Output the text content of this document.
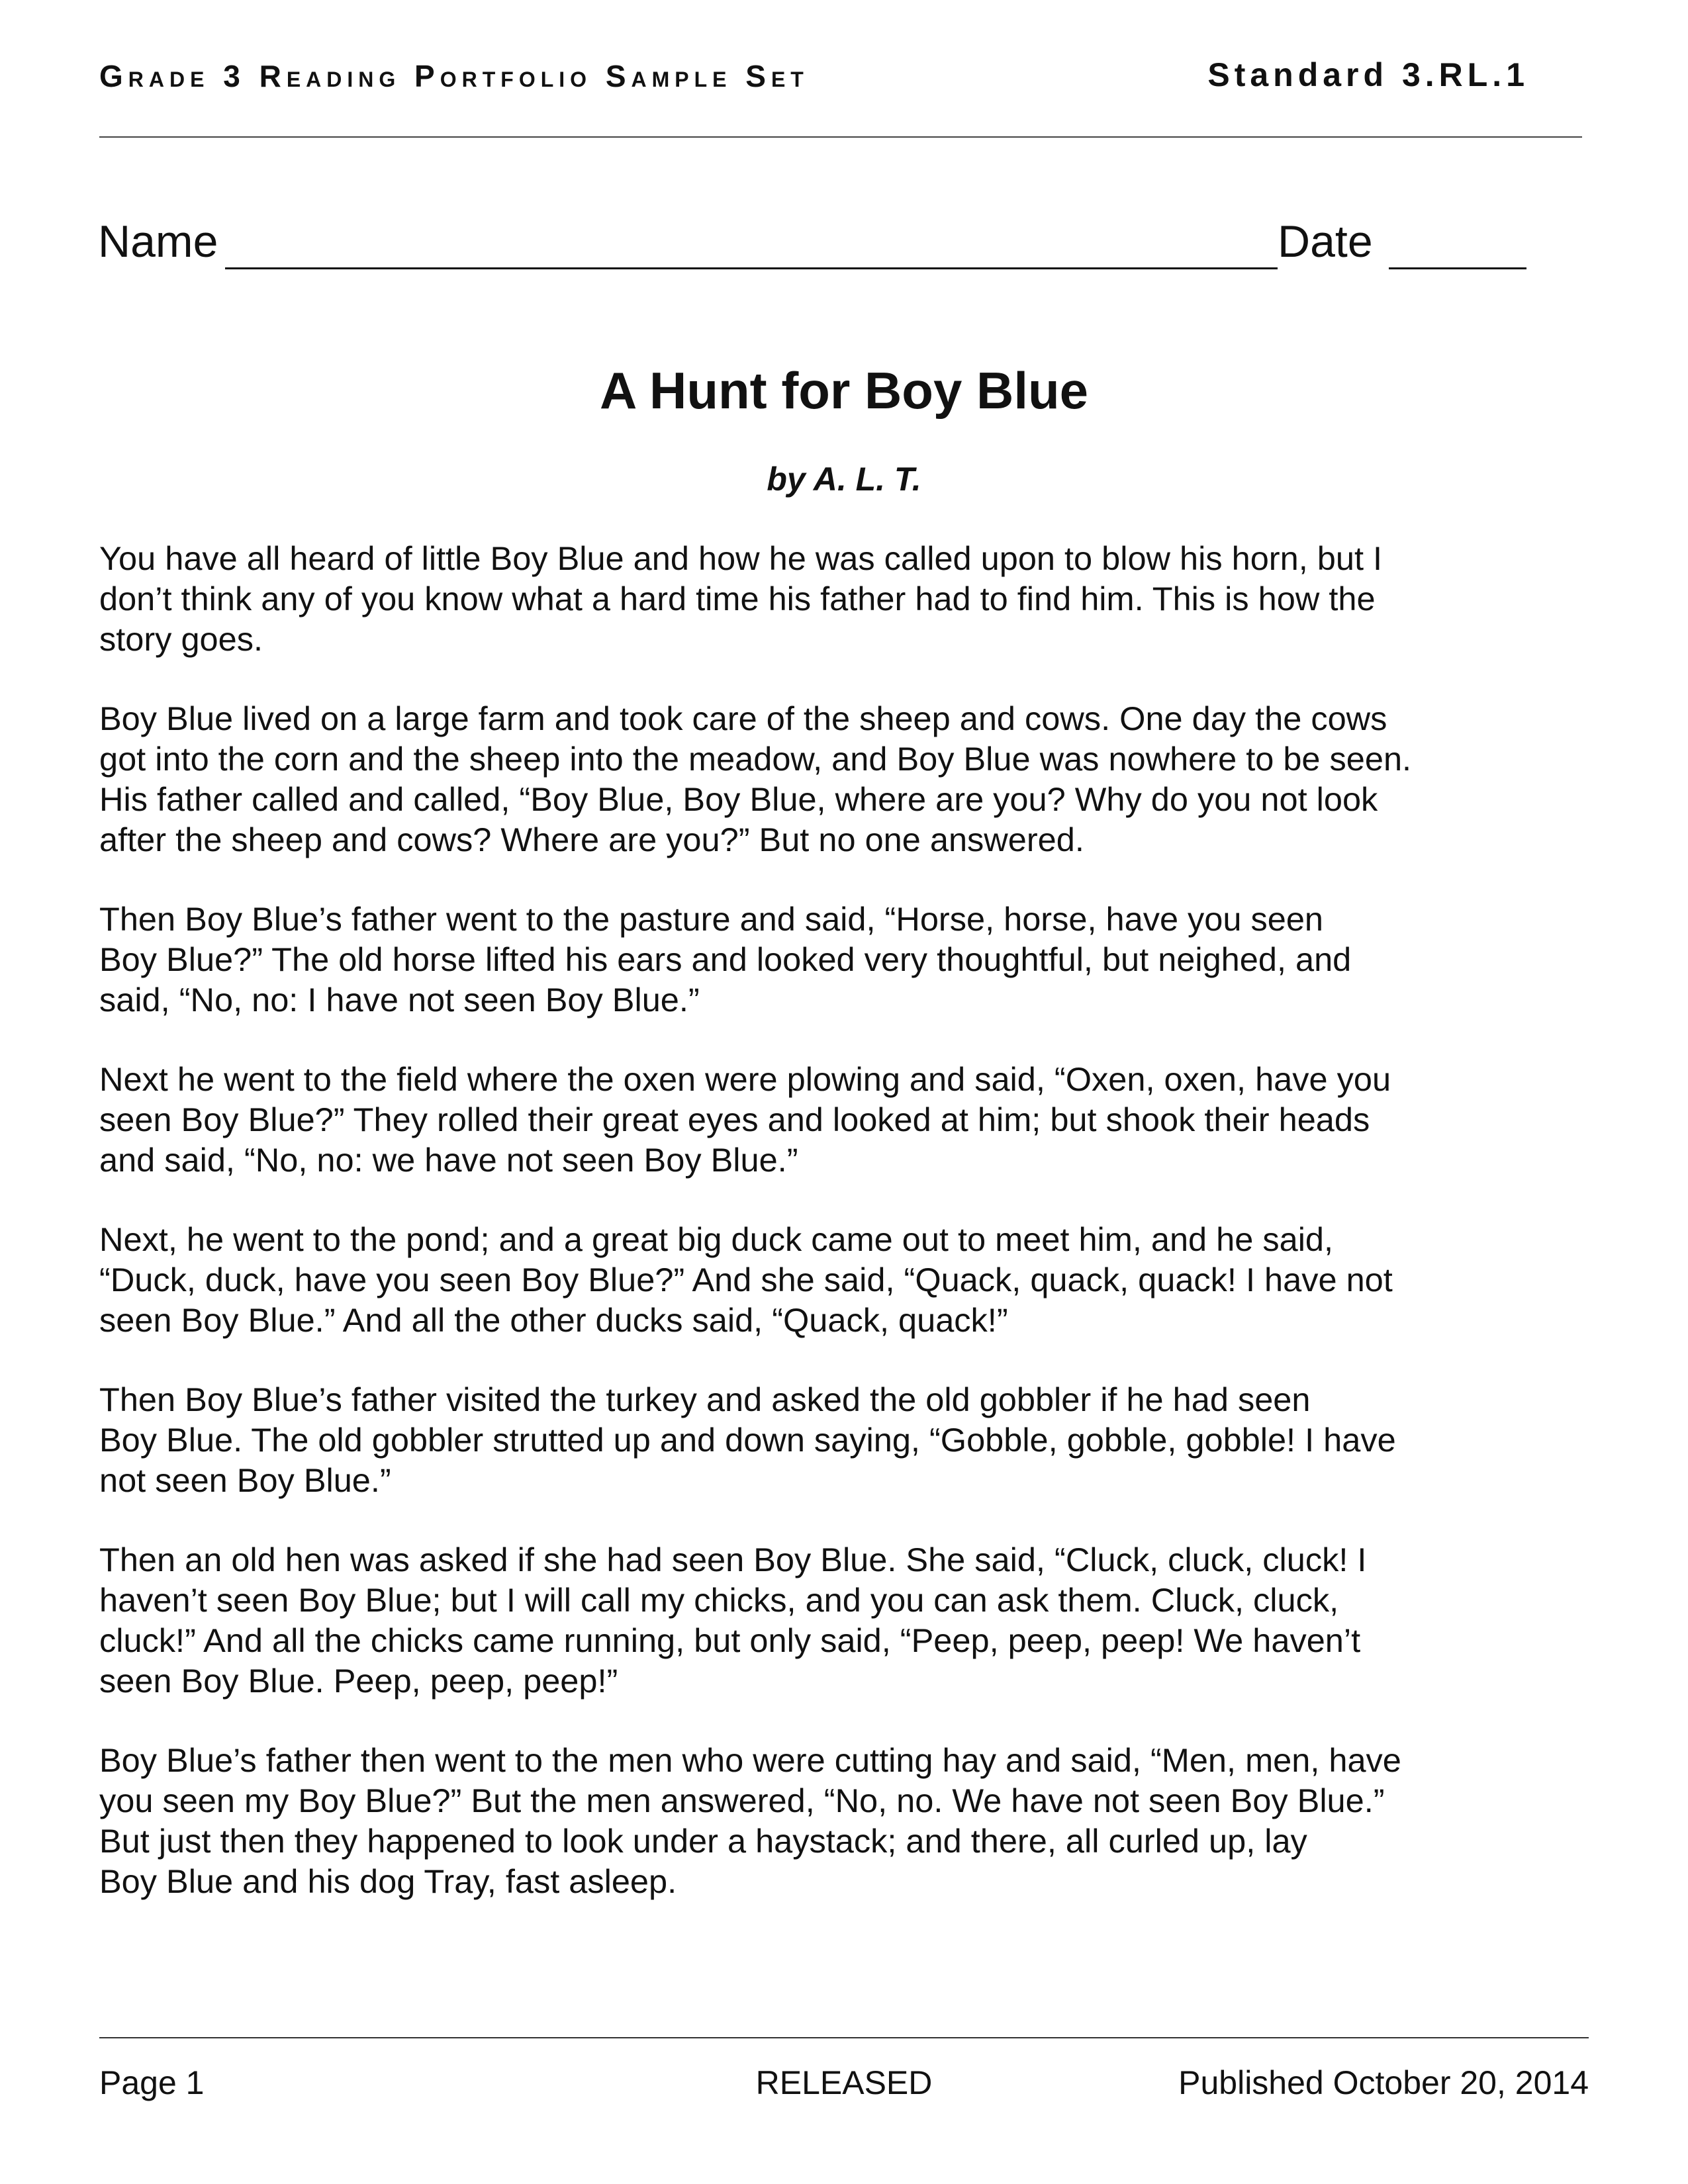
Grade 3 Reading Portfolio Sample Set	Standard 3.RL.1
Name	Date
A Hunt for Boy Blue
by A. L. T.

You have all heard of little Boy Blue and how he was called upon to blow his horn, but I
don’t think any of you know what a hard time his father had to find him. This is how the
story goes.

Boy Blue lived on a large farm and took care of the sheep and cows. One day the cows
got into the corn and the sheep into the meadow, and Boy Blue was nowhere to be seen.
His father called and called, “Boy Blue, Boy Blue, where are you? Why do you not look
after the sheep and cows? Where are you?” But no one answered.

Then Boy Blue’s father went to the pasture and said, “Horse, horse, have you seen
Boy Blue?” The old horse lifted his ears and looked very thoughtful, but neighed, and
said, “No, no: I have not seen Boy Blue.”

Next he went to the field where the oxen were plowing and said, “Oxen, oxen, have you
seen Boy Blue?” They rolled their great eyes and looked at him; but shook their heads
and said, “No, no: we have not seen Boy Blue.”

Next, he went to the pond; and a great big duck came out to meet him, and he said,
“Duck, duck, have you seen Boy Blue?” And she said, “Quack, quack, quack! I have not
seen Boy Blue.” And all the other ducks said, “Quack, quack!”

Then Boy Blue’s father visited the turkey and asked the old gobbler if he had seen
Boy Blue. The old gobbler strutted up and down saying, “Gobble, gobble, gobble! I have
not seen Boy Blue.”

Then an old hen was asked if she had seen Boy Blue. She said, “Cluck, cluck, cluck! I
haven’t seen Boy Blue; but I will call my chicks, and you can ask them. Cluck, cluck,
cluck!” And all the chicks came running, but only said, “Peep, peep, peep! We haven’t
seen Boy Blue. Peep, peep, peep!”

Boy Blue’s father then went to the men who were cutting hay and said, “Men, men, have
you seen my Boy Blue?” But the men answered, “No, no. We have not seen Boy Blue.”
But just then they happened to look under a haystack; and there, all curled up, lay
Boy Blue and his dog Tray, fast asleep.

Page 1	RELEASED	Published October 20, 2014
